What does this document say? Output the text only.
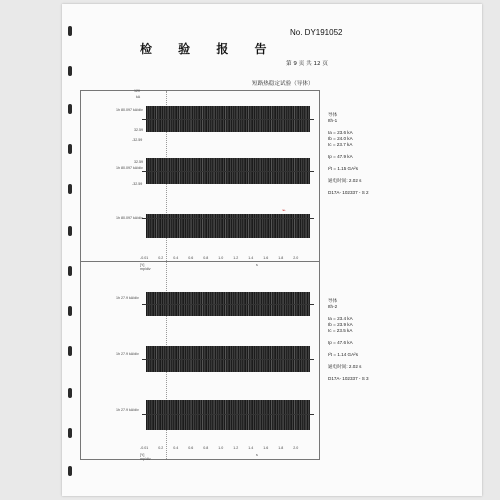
No. DY191052
检 验 报 告
第 9 页 共 12 页
短路热稳定试验（导体）
1h 80.097 kA/div
1h 80.097 kA/div
1h 80.097 kA/div
120
kA
32.59
-32.59
32.59
-32.59
-0.01	0.2	0.4	0.6	0.8	1.0	1.2	1.4	1.6	1.8	2.0
[Y] mp/div
s
导体
Ith-1
Ia = 23.6 kA
Ib = 24.0 kA
Ic = 23.7 kA
Ip = 47.9 kA
I²t = 1.15 GA²s
通电时间: 2.02 s
D17A- 102337 - S 2
1h 27.9 kA/div
1h 27.9 kA/div
1h 27.9 kA/div
-0.01	0.2	0.4	0.6	0.8	1.0	1.2	1.4	1.6	1.8	2.0
[Y] mp/div
s
导体
Ith-2
Ia = 23.4 kA
Ib = 23.9 kA
Ic = 23.5 kA
Ip = 47.6 kA
I²t = 1.14 GA²s
通电时间: 2.02 s
D17A- 102337 - S 3
⌁
